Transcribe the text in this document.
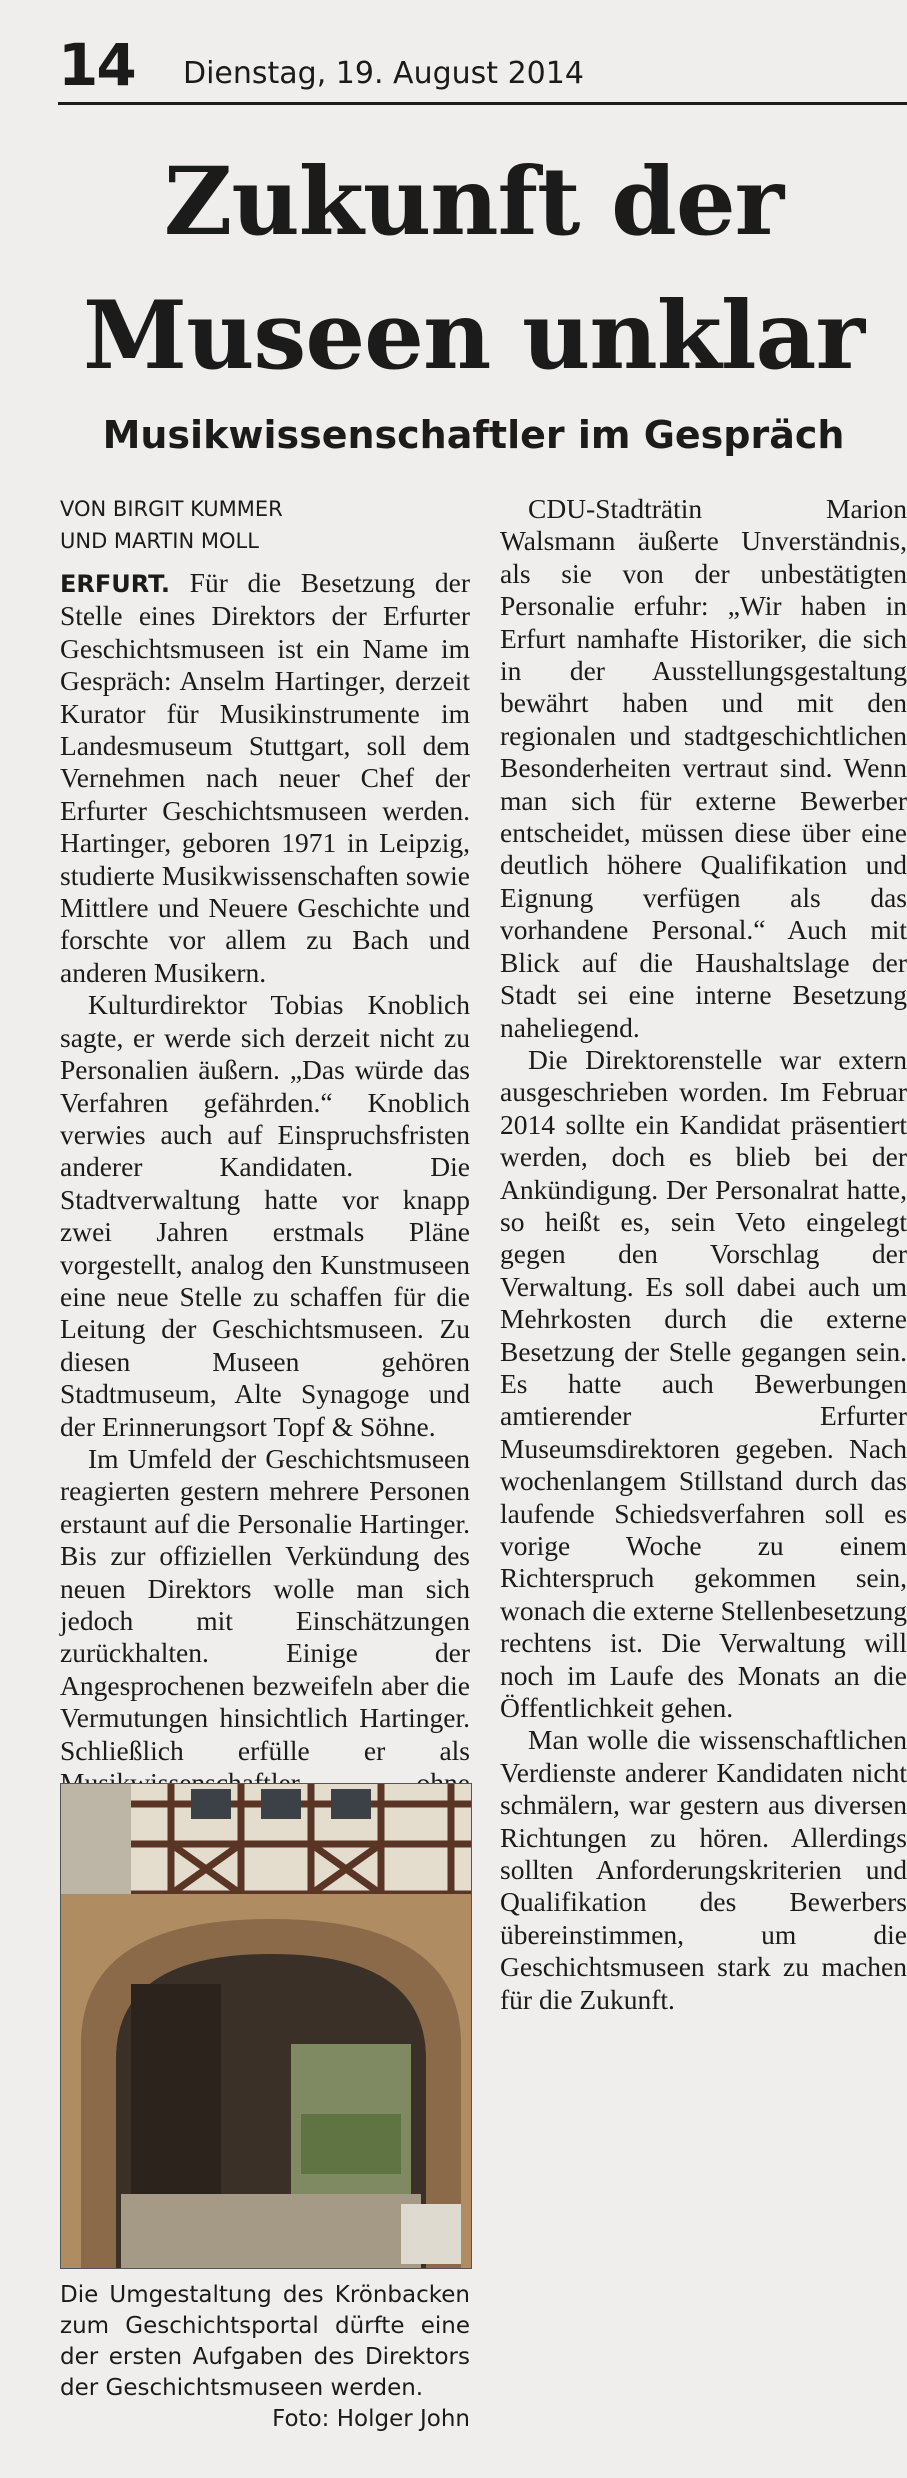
14 Dienstag, 19. August 2014
Zukunft der
Museen unklar
Musikwissenschaftler im Gespräch
VON BIRGIT KUMMER
UND MARTIN MOLL

ERFURT. Für die Besetzung der Stelle eines Direktors der Erfurter Geschichtsmuseen ist ein Name im Gespräch: Anselm Hartinger, derzeit Kurator für Musikinstrumente im Landesmuseum Stuttgart, soll dem Vernehmen nach neuer Chef der Erfurter Geschichtsmuseen werden. Hartinger, geboren 1971 in Leipzig, studierte Musikwissenschaften sowie Mittlere und Neuere Geschichte und forschte vor allem zu Bach und anderen Musikern.

Kulturdirektor Tobias Knoblich sagte, er werde sich derzeit nicht zu Personalien äußern. „Das würde das Verfahren gefährden.“ Knoblich verwies auch auf Einspruchsfristen anderer Kandidaten. Die Stadtverwaltung hatte vor knapp zwei Jahren erstmals Pläne vorgestellt, analog den Kunstmuseen eine neue Stelle zu schaffen für die Leitung der Geschichtsmuseen. Zu diesen Museen gehören Stadtmuseum, Alte Synagoge und der Erinnerungsort Topf & Söhne.

Im Umfeld der Geschichtsmuseen reagierten gestern mehrere Personen erstaunt auf die Personalie Hartinger. Bis zur offiziellen Verkündung des neuen Direktors wolle man sich jedoch mit Einschätzungen zurückhalten. Einige der Angesprochenen bezweifeln aber die Vermutungen hinsichtlich Hartinger. Schließlich erfülle er als

Die Umgestaltung des Krönbacken zum Geschichtsportal dürfte eine der ersten Aufgaben des Direktors der Geschichtsmuseen werden.
Foto: Holger John

CDU-Stadträtin Marion Walsmann äußerte Unverständnis, als sie von der unbestätigten Personalie erfuhr: „Wir haben in Erfurt namhafte Historiker, die sich in der Ausstellungsgestaltung bewährt haben und mit den regionalen und stadtgeschichtlichen Besonderheiten vertraut sind. Wenn man sich für externe Bewerber entscheidet, müssen diese über eine deutlich höhere Qualifikation und Eignung verfügen als das vorhandene Personal.“ Auch mit Blick auf die Haushaltslage der Stadt sei eine interne Besetzung naheliegend.

Die Direktorenstelle war extern ausgeschrieben worden. Im Februar 2014 sollte ein Kandidat präsentiert werden, doch es blieb bei der Ankündigung. Der Personalrat hatte, so heißt es, sein Veto eingelegt gegen den Vorschlag der Verwaltung. Es soll dabei auch um Mehrkosten durch die externe Besetzung der Stelle gegangen sein. Es hatte auch Bewerbungen amtierender Erfurter Museumsdirektoren gegeben. Nach wochenlangem Stillstand durch das laufende Schiedsverfahren soll es vorige Woche zu einem Richterspruch gekommen sein, wonach die externe Stellenbesetzung rechtens ist. Die Verwaltung will noch im Laufe des Monats an die Öffentlichkeit gehen.

Man wolle die wissenschaftlichen Verdienste anderer Kandidaten nicht schmälern, war gestern aus diversen Richtungen zu hören. Allerdings sollten Anforderungskriterien und Qualifikation des Bewerbers übereinstimmen, um die Geschichtsmuseen stark zu machen für die Zukunft.
